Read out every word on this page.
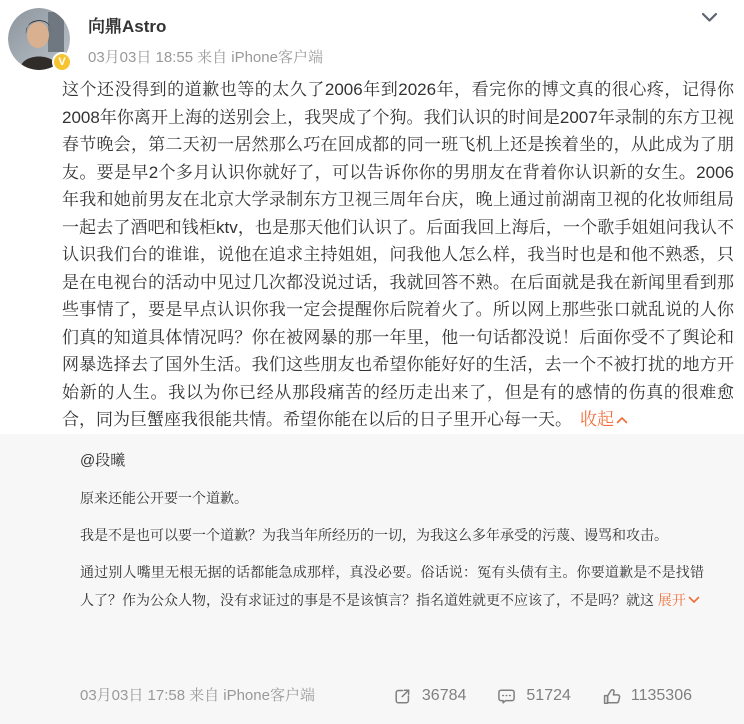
V
向鼎Astro
03月03日 18:55 来自 iPhone客户端
这个还没得到的道歉也等的太久了2006年到2026年，看完你的博文真的很心疼，记得你2008年你离开上海的送别会上，我哭成了个狗。我们认识的时间是2007年录制的东方卫视春节晚会，第二天初一居然那么巧在回成都的同一班飞机上还是挨着坐的，从此成为了朋友。要是早2个多月认识你就好了，可以告诉你你的男朋友在背着你认识新的女生。2006年我和她前男友在北京大学录制东方卫视三周年台庆，晚上通过前湖南卫视的化妆师组局一起去了酒吧和钱柜ktv，也是那天他们认识了。后面我回上海后，一个歌手姐姐问我认不认识我们台的谁谁，说他在追求主持姐姐，问我他人怎么样，我当时也是和他不熟悉，只是在电视台的活动中见过几次都没说过话，我就回答不熟。在后面就是我在新闻里看到那些事情了，要是早点认识你我一定会提醒你后院着火了。所以网上那些张口就乱说的人你们真的知道具体情况吗？你在被网暴的那一年里，他一句话都没说！后面你受不了舆论和网暴选择去了国外生活。我们这些朋友也希望你能好好的生活，去一个不被打扰的地方开始新的人生。我以为你已经从那段痛苦的经历走出来了，但是有的感情的伤真的很难愈合，同为巨蟹座我很能共情。希望你能在以后的日子里开心每一天。 收起
@段曦

原来还能公开要一个道歉。

我是不是也可以要一个道歉？为我当年所经历的一切，为我这么多年承受的污蔑、谩骂和攻击。

通过别人嘴里无根无据的话都能急成那样，真没必要。俗话说：冤有头债有主。你要道歉是不是找错人了？作为公众人物，没有求证过的事是不是该慎言？指名道姓就更不应该了，不是吗？就这 展开

03月03日 17:58 来自 iPhone客户端	36784	51724	1135306
